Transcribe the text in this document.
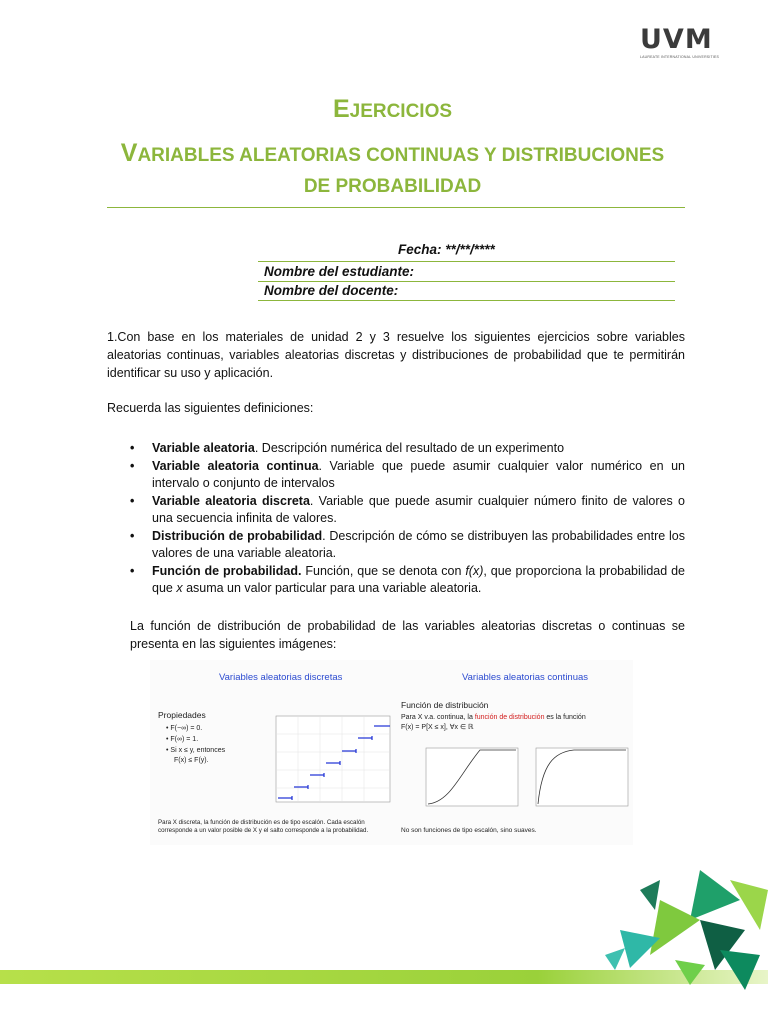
UVM
LAUREATE INTERNATIONAL UNIVERSITIES
EJERCICIOS
VARIABLES ALEATORIAS CONTINUAS Y DISTRIBUCIONES
DE PROBABILIDAD
Fecha: **/**/****
Nombre del estudiante:
Nombre del docente:
1.Con base en los materiales de unidad 2 y 3 resuelve los siguientes ejercicios sobre variables aleatorias continuas, variables aleatorias discretas y distribuciones de probabilidad que te permitirán identificar su uso y aplicación.
Recuerda las siguientes definiciones:
• Variable aleatoria. Descripción numérica del resultado de un experimento
• Variable aleatoria continua. Variable que puede asumir cualquier valor numérico en un intervalo o conjunto de intervalos
• Variable aleatoria discreta. Variable que puede asumir cualquier número finito de valores o una secuencia infinita de valores.
• Distribución de probabilidad. Descripción de cómo se distribuyen las probabilidades entre los valores de una variable aleatoria.
• Función de probabilidad. Función, que se denota con f(x), que proporciona la probabilidad de que x asuma un valor particular para una variable aleatoria.
La función de distribución de probabilidad de las variables aleatorias discretas o continuas se presenta en las siguientes imágenes:
Variables aleatorias discretas
Propiedades
• F(−∞) = 0.
• F(∞) = 1.
• Si x ≤ y, entonces
F(x) ≤ F(y).
Para X discreta, la función de distribución es de tipo escalón. Cada escalón
corresponde a un valor posible de X y el salto corresponde a la probabilidad.
Variables aleatorias continuas
Función de distribución
Para X v.a. continua, la función de distribución es la función
F(x) = P[X ≤ x], ∀x ∈ ℝ
No son funciones de tipo escalón, sino suaves.
